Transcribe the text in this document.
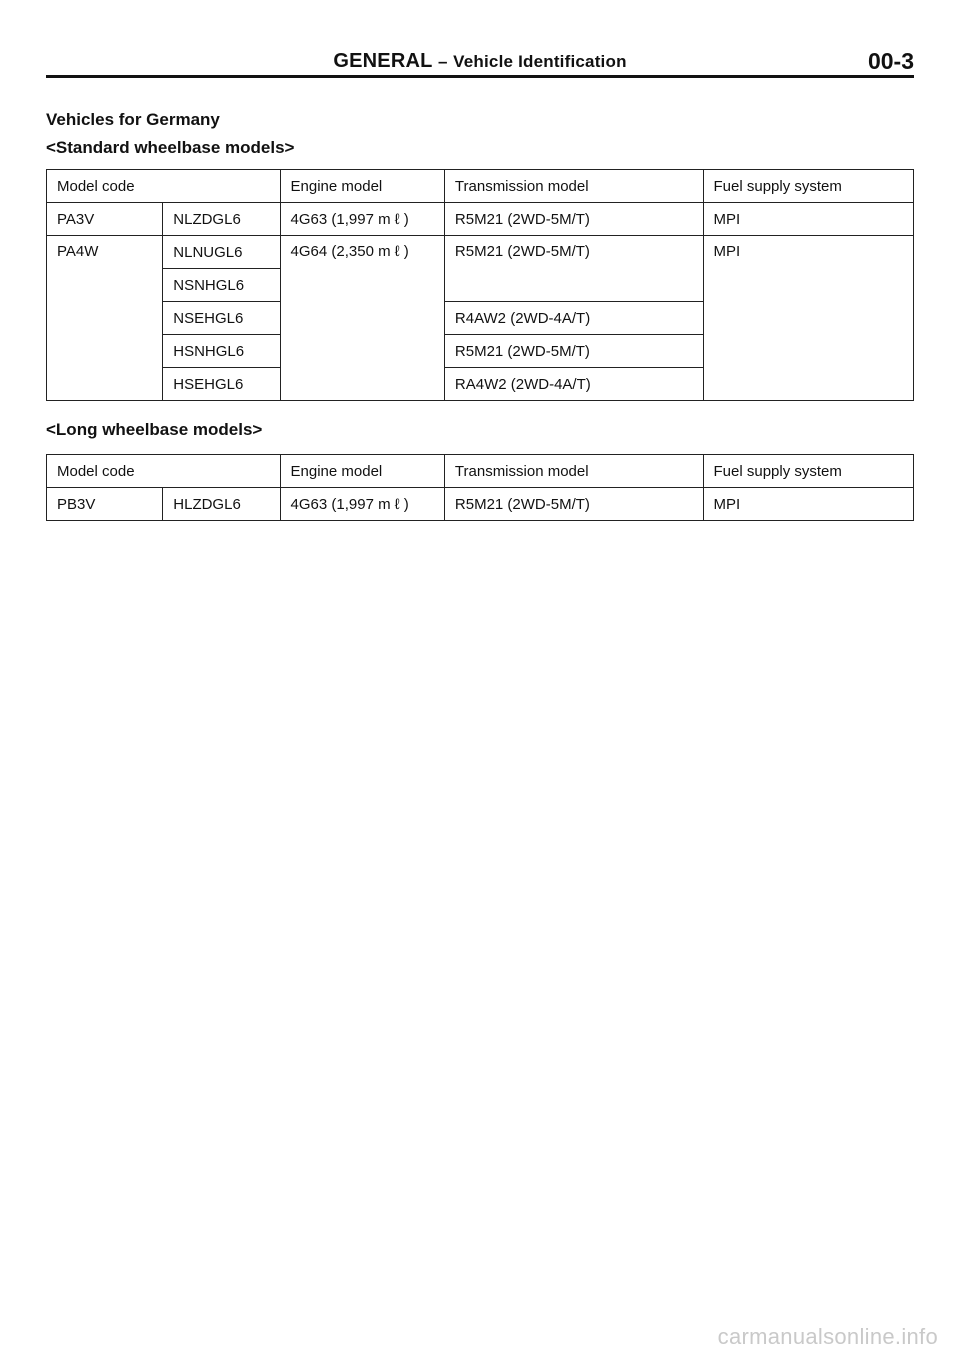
GENERAL – Vehicle Identification	00-3
Vehicles for Germany
<Standard wheelbase models>
Model code		Engine model	Transmission model	Fuel supply system
PA3V	NLZDGL6	4G63 (1,997 m ℓ )	R5M21 (2WD-5M/T)	MPI
PA4W	NLNUGL6	4G64 (2,350 m ℓ )	R5M21 (2WD-5M/T)	MPI
	NSNHGL6			
	NSEHGL6		R4AW2 (2WD-4A/T)	
	HSNHGL6		R5M21 (2WD-5M/T)	
	HSEHGL6		RA4W2 (2WD-4A/T)	
<Long wheelbase models>
Model code		Engine model	Transmission model	Fuel supply system
PB3V	HLZDGL6	4G63 (1,997 m ℓ )	R5M21 (2WD-5M/T)	MPI
carmanualsonline.info
